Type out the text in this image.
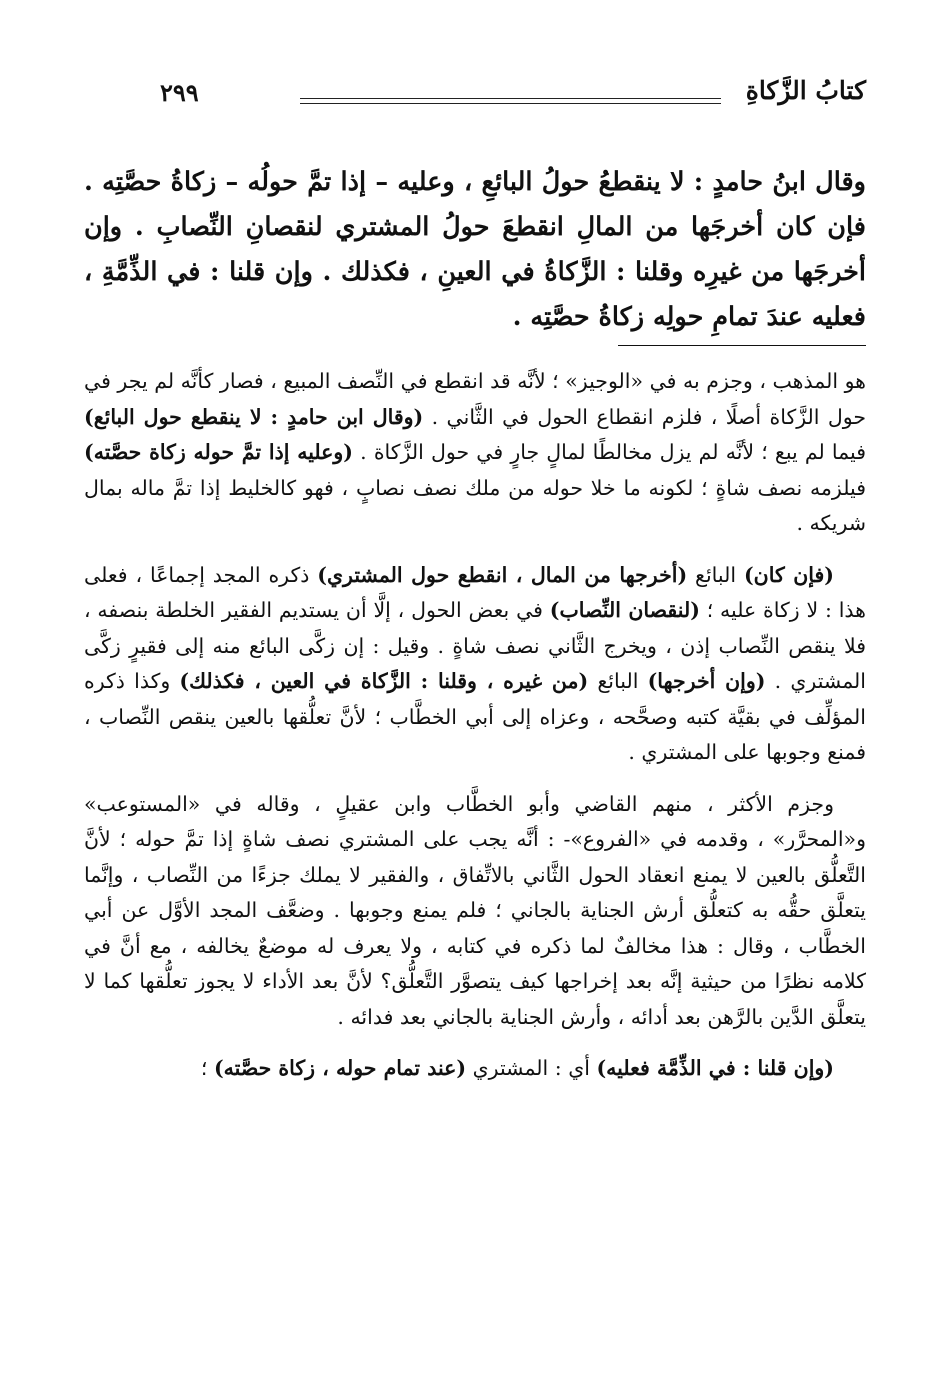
كتابُ الزَّكاةِ
٢٩٩
وقال ابنُ حامدٍ : لا ينقطعُ حولُ البائعِ ، وعليه – إذا تمَّ حولُه – زكاةُ حصَّتِه . فإن كان أخرجَها من المالِ انقطعَ حولُ المشتري لنقصانِ النِّصابِ . وإن أخرجَها من غيرِه وقلنا : الزَّكاةُ في العينِ ، فكذلك . وإن قلنا : في الذِّمَّةِ ، فعليه عندَ تمامِ حولِه زكاةُ حصَّتِه .

هو المذهب ، وجزم به في «الوجيز» ؛ لأنَّه قد انقطع في النِّصف المبيع ، فصار كأنَّه لم يجر في حول الزَّكاة أصلًا ، فلزم انقطاع الحول في الثَّاني . (وقال ابن حامدٍ : لا ينقطع حول البائع) فيما لم يبع ؛ لأنَّه لم يزل مخالطًا لمالٍ جارٍ في حول الزَّكاة . (وعليه إذا تمَّ حوله زكاة حصَّته) فيلزمه نصف شاةٍ ؛ لكونه ما خلا حوله من ملك نصف نصابٍ ، فهو كالخليط إذا تمَّ ماله بمال شريكه .

(فإن كان) البائع (أخرجها من المال ، انقطع حول المشتري) ذكره المجد إجماعًا ، فعلى هذا : لا زكاة عليه ؛ (لنقصان النِّصاب) في بعض الحول ، إلَّا أن يستديم الفقير الخلطة بنصفه ، فلا ينقص النِّصاب إذن ، ويخرج الثَّاني نصف شاةٍ . وقيل : إن زكَّى البائع منه إلى فقيرٍ زكَّى المشتري . (وإن أخرجها) البائع (من غيره ، وقلنا : الزَّكاة في العين ، فكذلك) وكذا ذكره المؤلِّف في بقيَّة كتبه وصحَّحه ، وعزاه إلى أبي الخطَّاب ؛ لأنَّ تعلُّقها بالعين ينقص النِّصاب ، فمنع وجوبها على المشتري .

وجزم الأكثر ، منهم القاضي وأبو الخطَّاب وابن عقيلٍ ، وقاله في «المستوعب» و«المحرَّر» ، وقدمه في «الفروع»- : أنَّه يجب على المشتري نصف شاةٍ إذا تمَّ حوله ؛ لأنَّ التَّعلُّق بالعين لا يمنع انعقاد الحول الثَّاني بالاتِّفاق ، والفقير لا يملك جزءًا من النِّصاب ، وإنَّما يتعلَّق حقُّه به كتعلُّق أرش الجناية بالجاني ؛ فلم يمنع وجوبها . وضعَّف المجد الأوَّل عن أبي الخطَّاب ، وقال : هذا مخالفٌ لما ذكره في كتابه ، ولا يعرف له موضعٌ يخالفه ، مع أنَّ في كلامه نظرًا من حيثية إنَّه بعد إخراجها كيف يتصوَّر التَّعلُّق؟ لأنَّ بعد الأداء لا يجوز تعلُّقها كما لا يتعلَّق الدَّين بالرَّهن بعد أدائه ، وأرش الجناية بالجاني بعد فدائه .

(وإن قلنا : في الذِّمَّة فعليه) أي : المشتري (عند تمام حوله ، زكاة حصَّته) ؛
